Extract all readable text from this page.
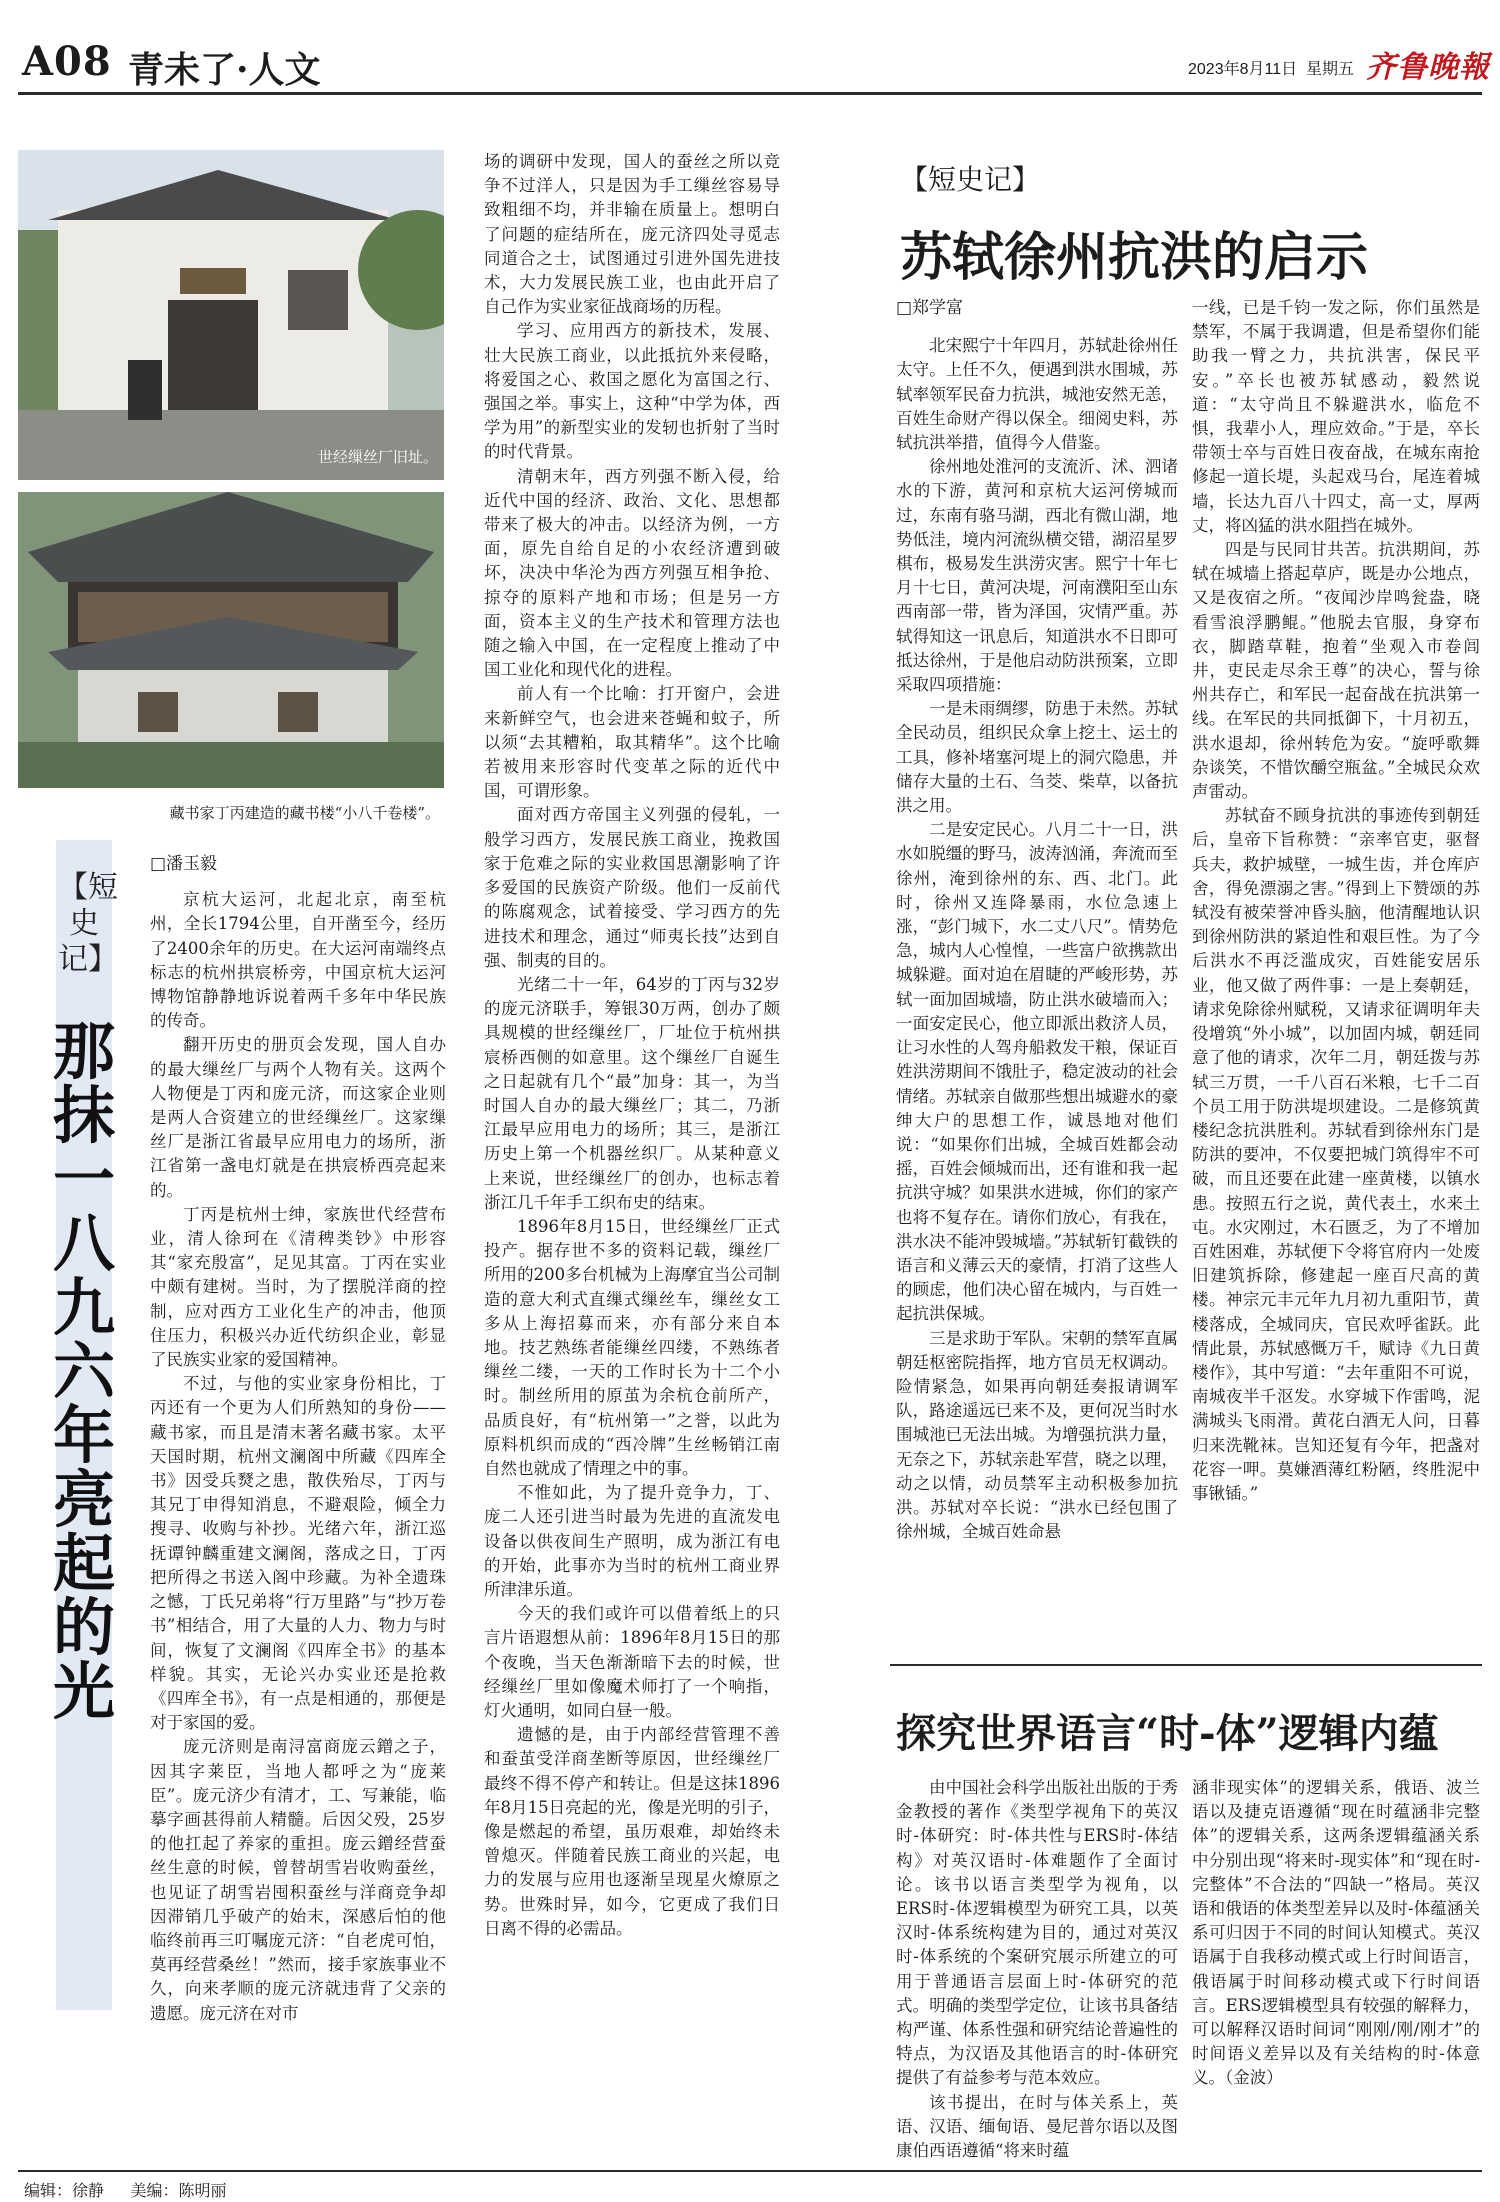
A08 青未了·人文	2023年8月11日 星期五 齐鲁晚報
世经缫丝厂旧址。
藏书家丁丙建造的藏书楼“小八千卷楼”。
【短史记】
那抹一八九六年亮起的光
□潘玉毅

京杭大运河，北起北京，南至杭州，全长1794公里，自开凿至今，经历了2400余年的历史。在大运河南端终点标志的杭州拱宸桥旁，中国京杭大运河博物馆静静地诉说着两千多年中华民族的传奇。

翻开历史的册页会发现，国人自办的最大缫丝厂与两个人物有关。这两个人物便是丁丙和庞元济，而这家企业则是两人合资建立的世经缫丝厂。这家缫丝厂是浙江省最早应用电力的场所，浙江省第一盏电灯就是在拱宸桥西亮起来的。

丁丙是杭州士绅，家族世代经营布业，清人徐珂在《清稗类钞》中形容其“家充殷富”，足见其富。丁丙在实业中颇有建树。当时，为了摆脱洋商的控制，应对西方工业化生产的冲击，他顶住压力，积极兴办近代纺织企业，彰显了民族实业家的爱国精神。

不过，与他的实业家身份相比，丁丙还有一个更为人们所熟知的身份——藏书家，而且是清末著名藏书家。太平天国时期，杭州文澜阁中所藏《四库全书》因受兵燹之患，散佚殆尽，丁丙与其兄丁申得知消息，不避艰险，倾全力搜寻、收购与补抄。光绪六年，浙江巡抚谭钟麟重建文澜阁，落成之日，丁丙把所得之书送入阁中珍藏。为补全遗珠之憾，丁氏兄弟将“行万里路”与“抄万卷书”相结合，用了大量的人力、物力与时间，恢复了文澜阁《四库全书》的基本样貌。其实，无论兴办实业还是抢救《四库全书》，有一点是相通的，那便是对于家国的爱。

庞元济则是南浔富商庞云鏳之子，因其字莱臣，当地人都呼之为“庞莱臣”。庞元济少有清才，工、写兼能，临摹字画甚得前人精髓。后因父殁，25岁的他扛起了养家的重担。庞云鏳经营蚕丝生意的时候，曾替胡雪岩收购蚕丝，也见证了胡雪岩囤积蚕丝与洋商竞争却因滞销几乎破产的始末，深感后怕的他临终前再三叮嘱庞元济：“自老虎可怕，莫再经营桑丝！”然而，接手家族事业不久，向来孝顺的庞元济就违背了父亲的遗愿。庞元济在对市

场的调研中发现，国人的蚕丝之所以竞争不过洋人，只是因为手工缫丝容易导致粗细不均，并非输在质量上。想明白了问题的症结所在，庞元济四处寻觅志同道合之士，试图通过引进外国先进技术，大力发展民族工业，也由此开启了自己作为实业家征战商场的历程。

学习、应用西方的新技术，发展、壮大民族工商业，以此抵抗外来侵略，将爱国之心、救国之愿化为富国之行、强国之举。事实上，这种“中学为体，西学为用”的新型实业的发轫也折射了当时的时代背景。

清朝末年，西方列强不断入侵，给近代中国的经济、政治、文化、思想都带来了极大的冲击。以经济为例，一方面，原先自给自足的小农经济遭到破坏，决决中华沦为西方列强互相争抢、掠夺的原料产地和市场；但是另一方面，资本主义的生产技术和管理方法也随之输入中国，在一定程度上推动了中国工业化和现代化的进程。

前人有一个比喻：打开窗户，会进来新鲜空气，也会进来苍蝇和蚊子，所以须“去其糟粕，取其精华”。这个比喻若被用来形容时代变革之际的近代中国，可谓形象。

面对西方帝国主义列强的侵轧，一般学习西方，发展民族工商业，挽救国家于危难之际的实业救国思潮影响了许多爱国的民族资产阶级。他们一反前代的陈腐观念，试着接受、学习西方的先进技术和理念，通过“师夷长技”达到自强、制夷的目的。

光绪二十一年，64岁的丁丙与32岁的庞元济联手，筹银30万两，创办了颇具规模的世经缫丝厂，厂址位于杭州拱宸桥西侧的如意里。这个缫丝厂自诞生之日起就有几个“最”加身：其一，为当时国人自办的最大缫丝厂；其二，乃浙江最早应用电力的场所；其三，是浙江历史上第一个机器丝织厂。从某种意义上来说，世经缫丝厂的创办，也标志着浙江几千年手工织布史的结束。

1896年8月15日，世经缫丝厂正式投产。据存世不多的资料记载，缫丝厂所用的200多台机械为上海摩宜当公司制造的意大利式直缫式缫丝车，缫丝女工多从上海招募而来，亦有部分来自本地。技艺熟练者能缫丝四缕，不熟练者缫丝二缕，一天的工作时长为十二个小时。制丝所用的原茧为余杭仓前所产，品质良好，有“杭州第一”之誉，以此为原料机织而成的“西冷牌”生丝畅销江南自然也就成了情理之中的事。

不惟如此，为了提升竞争力，丁、庞二人还引进当时最为先进的直流发电设备以供夜间生产照明，成为浙江有电的开始，此事亦为当时的杭州工商业界所津津乐道。

今天的我们或许可以借着纸上的只言片语遐想从前：1896年8月15日的那个夜晚，当天色渐渐暗下去的时候，世经缫丝厂里如像魔术师打了一个响指，灯火通明，如同白昼一般。

遗憾的是，由于内部经营管理不善和蚕茧受洋商垄断等原因，世经缫丝厂最终不得不停产和转让。但是这抹1896年8月15日亮起的光，像是光明的引子，像是燃起的希望，虽历艰难，却始终未曾熄灭。伴随着民族工商业的兴起，电力的发展与应用也逐渐呈现星火燎原之势。世殊时异，如今，它更成了我们日日离不得的必需品。

【短史记】
苏轼徐州抗洪的启示
□郑学富

北宋熙宁十年四月，苏轼赴徐州任太守。上任不久，便遇到洪水围城，苏轼率领军民奋力抗洪，城池安然无恙，百姓生命财产得以保全。细阅史料，苏轼抗洪举措，值得今人借鉴。

徐州地处淮河的支流沂、沭、泗诸水的下游，黄河和京杭大运河傍城而过，东南有骆马湖，西北有微山湖，地势低洼，境内河流纵横交错，湖沼星罗棋布，极易发生洪涝灾害。熙宁十年七月十七日，黄河决堤，河南濮阳至山东西南部一带，皆为泽国，灾情严重。苏轼得知这一讯息后，知道洪水不日即可抵达徐州，于是他启动防洪预案，立即采取四项措施：

一是未雨绸缪，防患于未然。苏轼全民动员，组织民众拿上挖土、运土的工具，修补堵塞河堤上的洞穴隐患，并储存大量的土石、刍茭、柴草，以备抗洪之用。

二是安定民心。八月二十一日，洪水如脱缰的野马，波涛汹涌，奔流而至徐州，淹到徐州的东、西、北门。此时，徐州又连降暴雨，水位急速上涨，“彭门城下，水二丈八尺”。情势危急，城内人心惶惶，一些富户欲携款出城躲避。面对迫在眉睫的严峻形势，苏轼一面加固城墙，防止洪水破墙而入；一面安定民心，他立即派出救济人员，让习水性的人驾舟船救发干粮，保证百姓洪涝期间不饿肚子，稳定波动的社会情绪。苏轼亲自做那些想出城避水的豪绅大户的思想工作，诚恳地对他们说：“如果你们出城，全城百姓都会动摇，百姓会倾城而出，还有谁和我一起抗洪守城？如果洪水进城，你们的家产也将不复存在。请你们放心，有我在，洪水决不能冲毁城墙。”苏轼斩钉截铁的语言和义薄云天的豪情，打消了这些人的顾虑，他们决心留在城内，与百姓一起抗洪保城。

三是求助于军队。宋朝的禁军直属朝廷枢密院指挥，地方官员无权调动。险情紧急，如果再向朝廷奏报请调军队，路途遥远已来不及，更何况当时水围城池已无法出城。为增强抗洪力量，无奈之下，苏轼亲赴军营，晓之以理，动之以情，动员禁军主动积极参加抗洪。苏轼对卒长说：“洪水已经包围了徐州城，全城百姓命悬

一线，已是千钧一发之际，你们虽然是禁军，不属于我调遣，但是希望你们能助我一臂之力，共抗洪害，保民平安。”卒长也被苏轼感动，毅然说道：“太守尚且不躲避洪水，临危不惧，我辈小人，理应效命。”于是，卒长带领士卒与百姓日夜奋战，在城东南抢修起一道长堤，头起戏马台，尾连着城墙，长达九百八十四丈，高一丈，厚两丈，将凶猛的洪水阻挡在城外。

四是与民同甘共苦。抗洪期间，苏轼在城墙上搭起草庐，既是办公地点，又是夜宿之所。“夜闻沙岸鸣瓮盎，晓看雪浪浮鹏鲲。”他脱去官服，身穿布衣，脚踏草鞋，抱着“坐观入市卷闾井，吏民走尽余王尊”的决心，誓与徐州共存亡，和军民一起奋战在抗洪第一线。在军民的共同抵御下，十月初五，洪水退却，徐州转危为安。“旋呼歌舞杂谈笑，不惜饮釂空瓶盆。”全城民众欢声雷动。

苏轼奋不顾身抗洪的事迹传到朝廷后，皇帝下旨称赞：“亲率官吏，驱督兵夫，救护城壁，一城生齿，并仓库庐舍，得免漂溺之害。”得到上下赞颂的苏轼没有被荣誉冲昏头脑，他清醒地认识到徐州防洪的紧迫性和艰巨性。为了今后洪水不再泛滥成灾，百姓能安居乐业，他又做了两件事：一是上奏朝廷，请求免除徐州赋税，又请求征调明年夫役增筑“外小城”，以加固内城，朝廷同意了他的请求，次年二月，朝廷拨与苏轼三万贯，一千八百石米粮，七千二百个员工用于防洪堤坝建设。二是修筑黄楼纪念抗洪胜利。苏轼看到徐州东门是防洪的要冲，不仅要把城门筑得牢不可破，而且还要在此建一座黄楼，以镇水患。按照五行之说，黄代表土，水来土屯。水灾刚过，木石匮乏，为了不增加百姓困难，苏轼便下令将官府内一处废旧建筑拆除，修建起一座百尺高的黄楼。神宗元丰元年九月初九重阳节，黄楼落成，全城同庆，官民欢呼雀跃。此情此景，苏轼感慨万千，赋诗《九日黄楼作》，其中写道：“去年重阳不可说，南城夜半千沤发。水穿城下作雷鸣，泥满城头飞雨滑。黄花白酒无人问，日暮归来洗靴袜。岂知还复有今年，把盏对花容一呷。莫嫌酒薄红粉陋，终胜泥中事锹锸。”

探究世界语言“时-体”逻辑内蕴

由中国社会科学出版社出版的于秀金教授的著作《类型学视角下的英汉时-体研究：时-体共性与ERS时-体结构》对英汉语时-体难题作了全面讨论。该书以语言类型学为视角，以ERS时-体逻辑模型为研究工具，以英汉时-体系统构建为目的，通过对英汉时-体系统的个案研究展示所建立的可用于普通语言层面上时-体研究的范式。明确的类型学定位，让该书具备结构严谨、体系性强和研究结论普遍性的特点，为汉语及其他语言的时-体研究提供了有益参考与范本效应。

该书提出，在时与体关系上，英语、汉语、缅甸语、曼尼普尔语以及图康伯西语遵循“将来时蕴

涵非现实体”的逻辑关系，俄语、波兰语以及捷克语遵循“现在时蕴涵非完整体”的逻辑关系，这两条逻辑蕴涵关系中分别出现“将来时-现实体”和“现在时-完整体”不合法的“四缺一”格局。英汉语和俄语的体类型差异以及时-体蕴涵关系可归因于不同的时间认知模式。英汉语属于自我移动模式或上行时间语言，俄语属于时间移动模式或下行时间语言。ERS逻辑模型具有较强的解释力，可以解释汉语时间词“刚刚/刚/刚才”的时间语义差异以及有关结构的时-体意义。（金波）

编辑：徐静 美编：陈明丽
